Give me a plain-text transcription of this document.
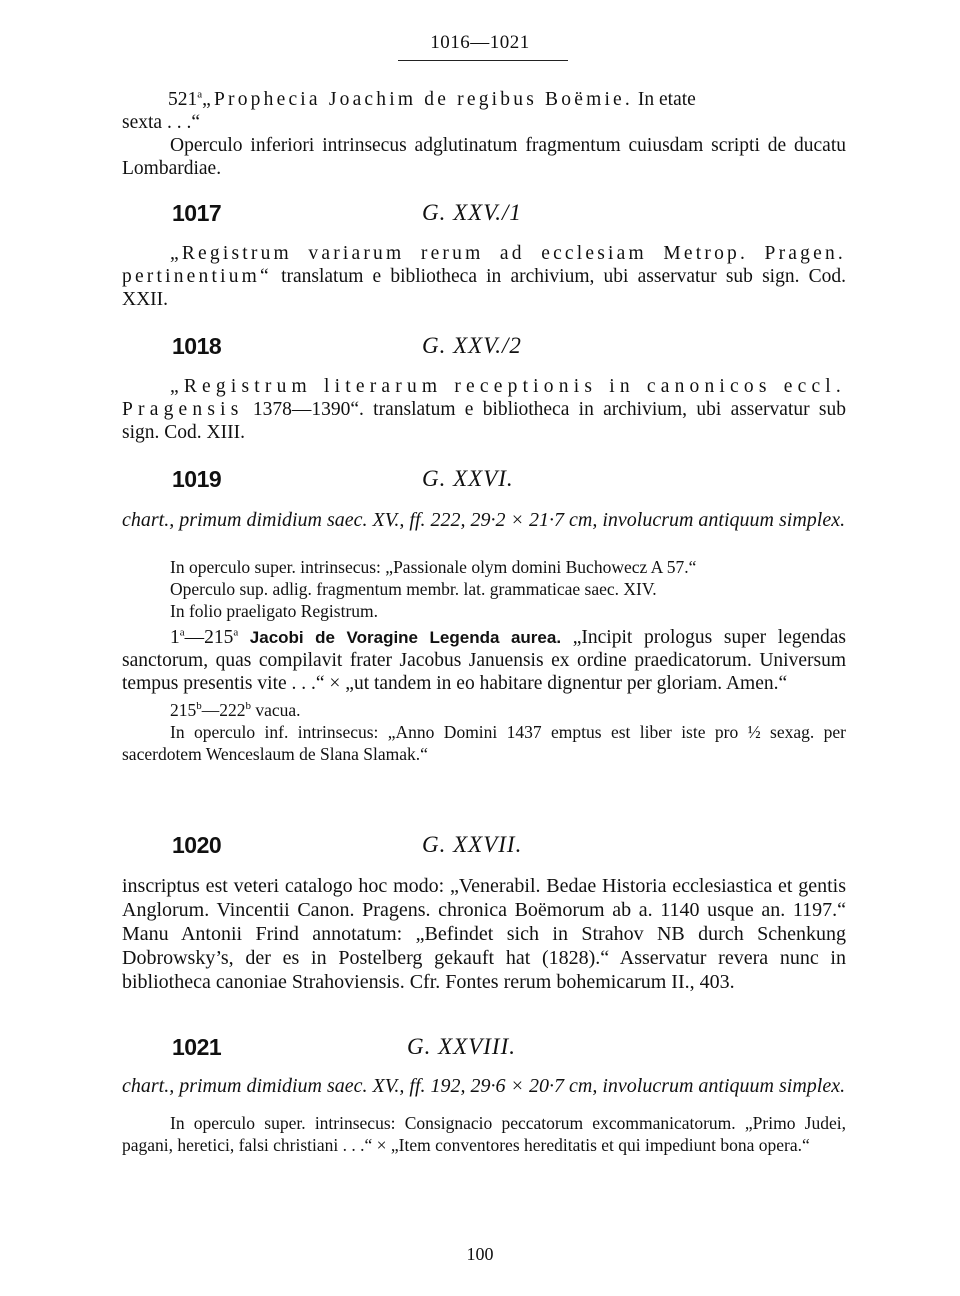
1016—1021

521$^a$„Prophecia Joachim de regibus Boëmie. In etate
sexta . . .“

Operculo inferiori intrinsecus adglutinatum fragmentum cuiusdam scripti de ducatu Lombardiae.

1017	G. XXV./1

„Registrum variarum rerum ad ecclesiam Metrop. Pragen. pertinentium“ translatum e bibliotheca in archivium, ubi asservatur sub sign. Cod. XXII.

1018	G. XXV./2

„Registrum literarum receptionis in canonicos eccl. Pragensis 1378—1390“. translatum e bibliotheca in archivium, ubi asservatur sub sign. Cod. XIII.

1019	G. XXVI.

chart., primum dimidium saec. XV., ff. 222, 29·2 × 21·7 cm, involucrum antiquum simplex.

In operculo super. intrinsecus: „Passionale olym domini Buchowecz A 57.“

Operculo sup. adlig. fragmentum membr. lat. grammaticae saec. XIV.

In folio praeligato Registrum.

1$^a$—215$^a$ Jacobi de Voragine Legenda aurea. „Incipit prologus super legendas sanctorum, quas compilavit frater Jacobus Januensis ex ordine praedicatorum. Universum tempus presentis vite . . .“ × „ut tandem in eo habitare dignentur per gloriam. Amen.“

215$^b$—222$^b$ vacua.

In operculo inf. intrinsecus: „Anno Domini 1437 emptus est liber iste pro ½ sexag. per sacerdotem Wenceslaum de Slana Slamak.“

1020	G. XXVII.

inscriptus est veteri catalogo hoc modo: „Venerabil. Bedae Historia ecclesiastica et gentis Anglorum. Vincentii Canon. Pragens. chronica Boëmorum ab a. 1140 usque an. 1197.“ Manu Antonii Frind annotatum: „Befindet sich in Strahov NB durch Schenkung Dobrowsky’s, der es in Postelberg gekauft hat (1828).“ Asservatur revera nunc in bibliotheca canoniae Strahoviensis. Cfr. Fontes rerum bohemicarum II., 403.

1021	G. XXVIII.

chart., primum dimidium saec. XV., ff. 192, 29·6 × 20·7 cm, involucrum antiquum simplex.

In operculo super. intrinsecus: Consignacio peccatorum excommanicatorum. „Primo Judei, pagani, heretici, falsi christiani . . .“ × „Item conventores hereditatis et qui impediunt bona opera.“

100
